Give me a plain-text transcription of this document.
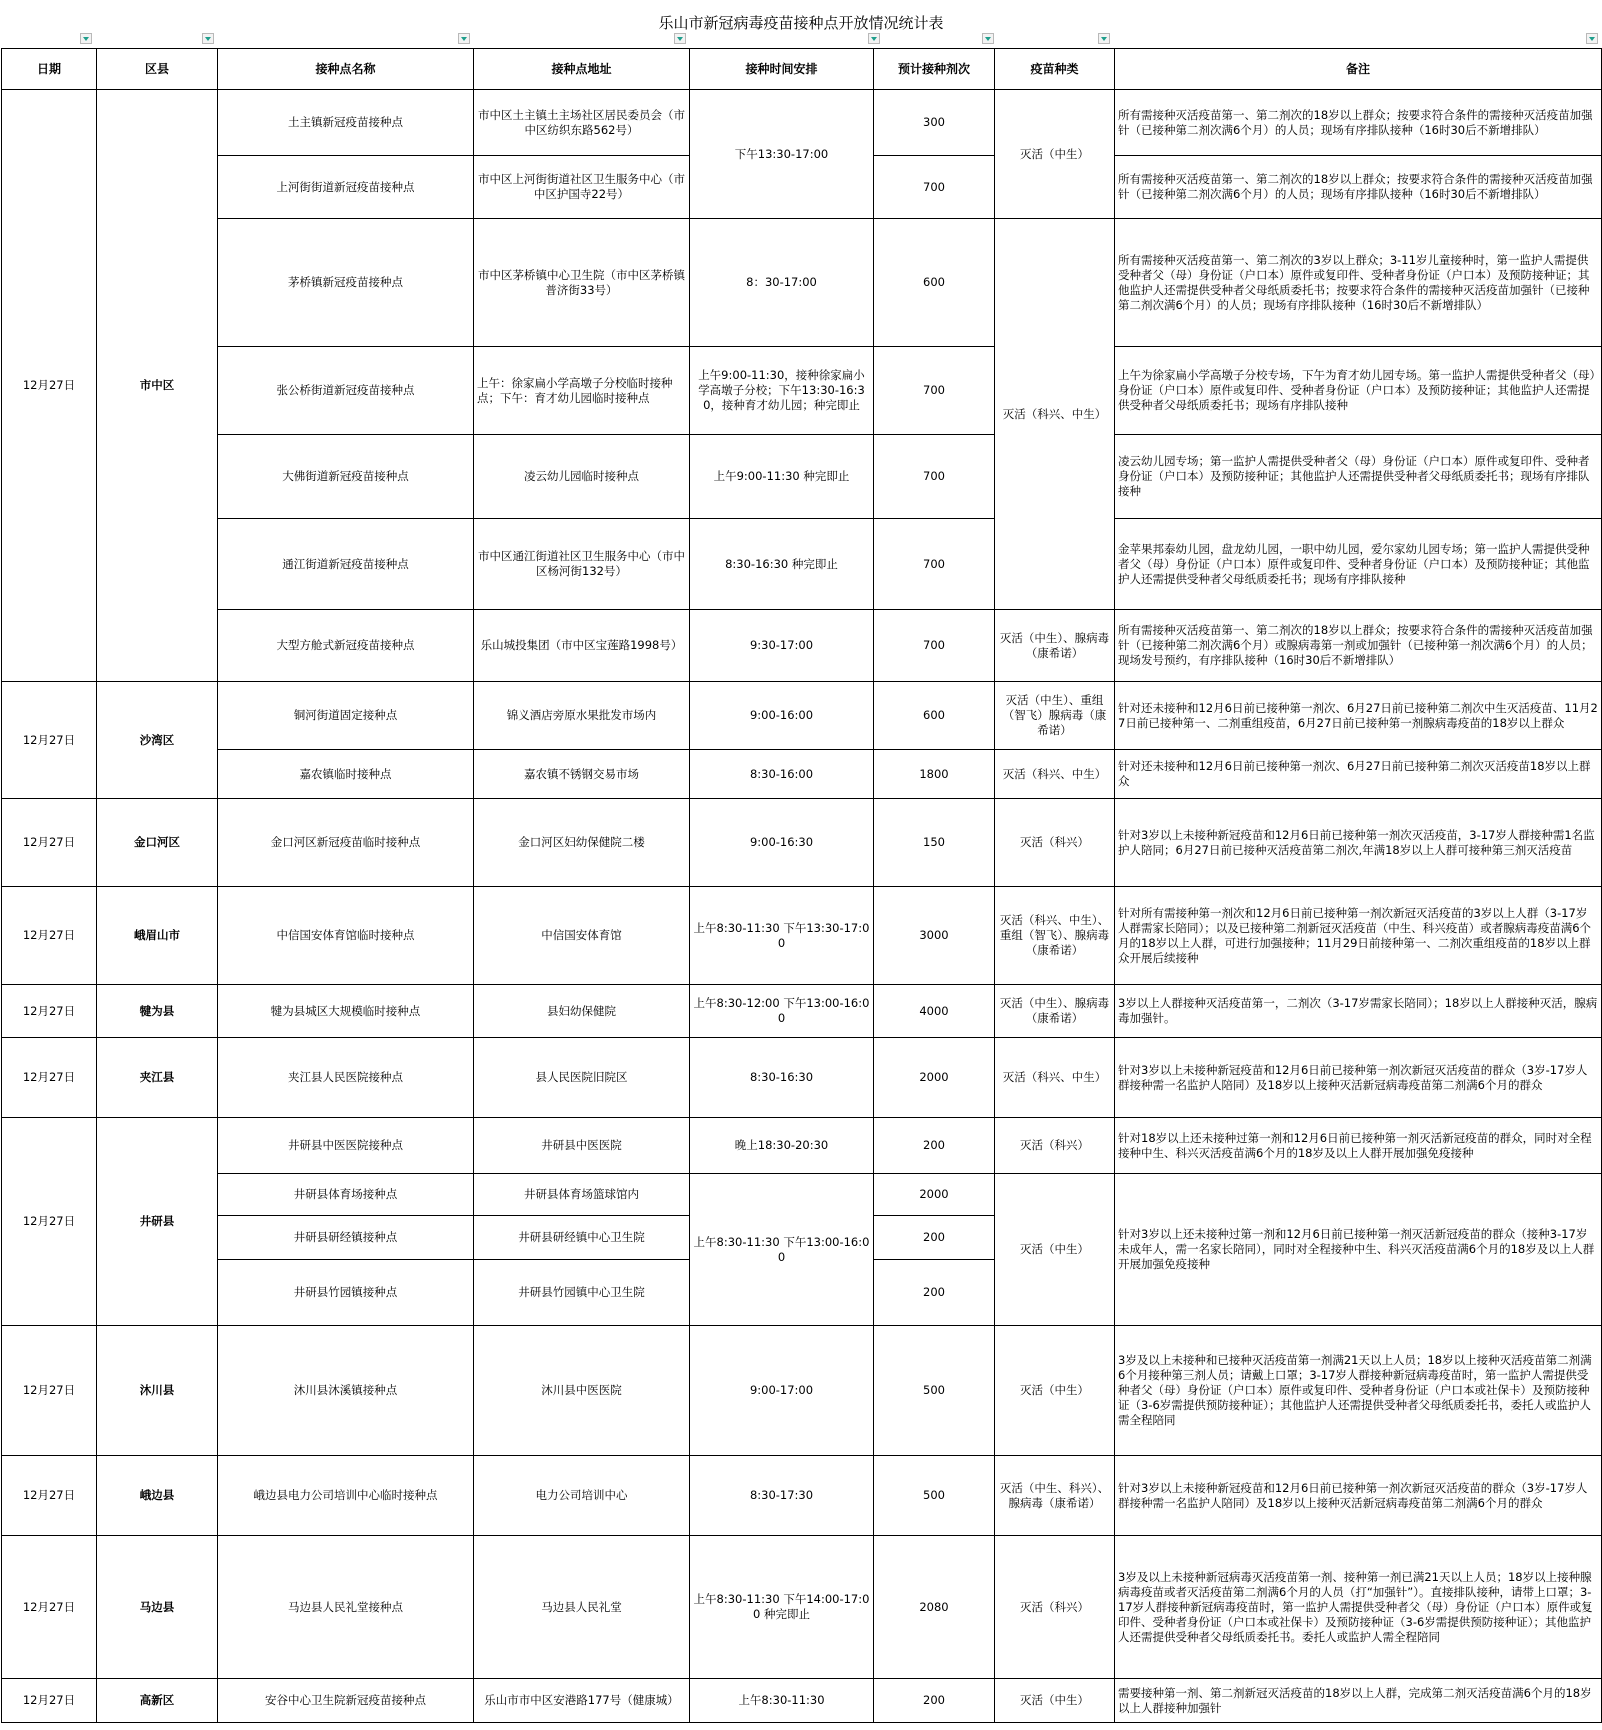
乐山市新冠病毒疫苗接种点开放情况统计表
日期	区县	接种点名称	接种点地址	接种时间安排	预计接种剂次	疫苗种类	备注
12月27日	市中区	土主镇新冠疫苗接种点	市中区土主镇土主场社区居民委员会（市中区纺织东路562号）	下午13:30-17:00	300	灭活（中生）	所有需接种灭活疫苗第一、第二剂次的18岁以上群众；按要求符合条件的需接种灭活疫苗加强针（已接种第二剂次满6个月）的人员；现场有序排队接种（16时30后不新增排队）
		上河街街道新冠疫苗接种点	市中区上河街街道社区卫生服务中心（市中区护国寺22号）		700		所有需接种灭活疫苗第一、第二剂次的18岁以上群众；按要求符合条件的需接种灭活疫苗加强针（已接种第二剂次满6个月）的人员；现场有序排队接种（16时30后不新增排队）
		茅桥镇新冠疫苗接种点	市中区茅桥镇中心卫生院（市中区茅桥镇普济街33号）	8：30-17:00	600	灭活（科兴、中生）	所有需接种灭活疫苗第一、第二剂次的3岁以上群众；3-11岁儿童接种时，第一监护人需提供受种者父（母）身份证（户口本）原件或复印件、受种者身份证（户口本）及预防接种证；其他监护人还需提供受种者父母纸质委托书；按要求符合条件的需接种灭活疫苗加强针（已接种第二剂次满6个月）的人员；现场有序排队接种（16时30后不新增排队）
		张公桥街道新冠疫苗接种点	上午：徐家扁小学高墩子分校临时接种点；下午：育才幼儿园临时接种点	上午9:00-11:30，接种徐家扁小学高墩子分校；下午13:30-16:30，接种育才幼儿园；种完即止	700		上午为徐家扁小学高墩子分校专场，下午为育才幼儿园专场。第一监护人需提供受种者父（母）身份证（户口本）原件或复印件、受种者身份证（户口本）及预防接种证；其他监护人还需提供受种者父母纸质委托书；现场有序排队接种
		大佛街道新冠疫苗接种点	凌云幼儿园临时接种点	上午9:00-11:30 种完即止	700		凌云幼儿园专场；第一监护人需提供受种者父（母）身份证（户口本）原件或复印件、受种者身份证（户口本）及预防接种证；其他监护人还需提供受种者父母纸质委托书；现场有序排队接种
		通江街道新冠疫苗接种点	市中区通江街道社区卫生服务中心（市中区杨河街132号）	8:30-16:30 种完即止	700		金苹果邦泰幼儿园，盘龙幼儿园，一职中幼儿园，爱尔家幼儿园专场；第一监护人需提供受种者父（母）身份证（户口本）原件或复印件、受种者身份证（户口本）及预防接种证；其他监护人还需提供受种者父母纸质委托书；现场有序排队接种
		大型方舱式新冠疫苗接种点	乐山城投集团（市中区宝莲路1998号）	9:30-17:00	700	灭活（中生）、腺病毒（康希诺）	所有需接种灭活疫苗第一、第二剂次的18岁以上群众；按要求符合条件的需接种灭活疫苗加强针（已接种第二剂次满6个月）或腺病毒第一剂或加强针（已接种第一剂次满6个月）的人员；现场发号预约，有序排队接种（16时30后不新增排队）
12月27日	沙湾区	铜河街道固定接种点	锦义酒店旁原水果批发市场内	9:00-16:00	600	灭活（中生）、重组（智飞）腺病毒（康希诺）	针对还未接种和12月6日前已接种第一剂次、6月27日前已接种第二剂次中生灭活疫苗、11月27日前已接种第一、二剂重组疫苗，6月27日前已接种第一剂腺病毒疫苗的18岁以上群众
		嘉农镇临时接种点	嘉农镇不锈钢交易市场	8:30-16:00	1800	灭活（科兴、中生）	针对还未接种和12月6日前已接种第一剂次、6月27日前已接种第二剂次灭活疫苗18岁以上群众
12月27日	金口河区	金口河区新冠疫苗临时接种点	金口河区妇幼保健院二楼	9:00-16:30	150	灭活（科兴）	针对3岁以上未接种新冠疫苗和12月6日前已接种第一剂次灭活疫苗，3-17岁人群接种需1名监护人陪同；6月27日前已接种灭活疫苗第二剂次,年满18岁以上人群可接种第三剂灭活疫苗
12月27日	峨眉山市	中信国安体育馆临时接种点	中信国安体育馆	上午8:30-11:30 下午13:30-17:00	3000	灭活（科兴、中生）、重组（智飞）、腺病毒（康希诺）	针对所有需接种第一剂次和12月6日前已接种第一剂次新冠灭活疫苗的3岁以上人群（3-17岁人群需家长陪同）；以及已接种第二剂新冠灭活疫苗（中生、科兴疫苗）或者腺病毒疫苗满6个月的18岁以上人群，可进行加强接种；11月29日前接种第一、二剂次重组疫苗的18岁以上群众开展后续接种
12月27日	犍为县	犍为县城区大规模临时接种点	县妇幼保健院	上午8:30-12:00 下午13:00-16:00	4000	灭活（中生）、腺病毒（康希诺）	3岁以上人群接种灭活疫苗第一，二剂次（3-17岁需家长陪同）；18岁以上人群接种灭活，腺病毒加强针。
12月27日	夹江县	夹江县人民医院接种点	县人民医院旧院区	8:30-16:30	2000	灭活（科兴、中生）	针对3岁以上未接种新冠疫苗和12月6日前已接种第一剂次新冠灭活疫苗的群众（3岁-17岁人群接种需一名监护人陪同）及18岁以上接种灭活新冠病毒疫苗第二剂满6个月的群众
12月27日	井研县	井研县中医医院接种点	井研县中医医院	晚上18:30-20:30	200	灭活（科兴）	针对18岁以上还未接种过第一剂和12月6日前已接种第一剂灭活新冠疫苗的群众，同时对全程接种中生、科兴灭活疫苗满6个月的18岁及以上人群开展加强免疫接种
		井研县体育场接种点	井研县体育场篮球馆内	上午8:30-11:30 下午13:00-16:00	2000	灭活（中生）	针对3岁以上还未接种过第一剂和12月6日前已接种第一剂灭活新冠疫苗的群众（接种3-17岁未成年人，需一名家长陪同），同时对全程接种中生、科兴灭活疫苗满6个月的18岁及以上人群开展加强免疫接种
		井研县研经镇接种点	井研县研经镇中心卫生院		200		
		井研县竹园镇接种点	井研县竹园镇中心卫生院		200		
12月27日	沐川县	沐川县沐溪镇接种点	沐川县中医医院	9:00-17:00	500	灭活（中生）	3岁及以上未接种和已接种灭活疫苗第一剂满21天以上人员；18岁以上接种灭活疫苗第二剂满6个月接种第三剂人员；请戴上口罩；3-17岁人群接种新冠病毒疫苗时，第一监护人需提供受种者父（母）身份证（户口本）原件或复印件、受种者身份证（户口本或社保卡）及预防接种证（3-6岁需提供预防接种证）；其他监护人还需提供受种者父母纸质委托书，委托人或监护人需全程陪同
12月27日	峨边县	峨边县电力公司培训中心临时接种点	电力公司培训中心	8:30-17:30	500	灭活（中生、科兴）、腺病毒（康希诺）	针对3岁以上未接种新冠疫苗和12月6日前已接种第一剂次新冠灭活疫苗的群众（3岁-17岁人群接种需一名监护人陪同）及18岁以上接种灭活新冠病毒疫苗第二剂满6个月的群众
12月27日	马边县	马边县人民礼堂接种点	马边县人民礼堂	上午8:30-11:30 下午14:00-17:00 种完即止	2080	灭活（科兴）	3岁及以上未接种新冠病毒灭活疫苗第一剂、接种第一剂已满21天以上人员；18岁以上接种腺病毒疫苗或者灭活疫苗第二剂满6个月的人员（打“加强针”）。直接排队接种，请带上口罩；3-17岁人群接种新冠病毒疫苗时，第一监护人需提供受种者父（母）身份证（户口本）原件或复印件、受种者身份证（户口本或社保卡）及预防接种证（3-6岁需提供预防接种证）；其他监护人还需提供受种者父母纸质委托书。委托人或监护人需全程陪同
12月27日	高新区	安谷中心卫生院新冠疫苗接种点	乐山市市中区安港路177号（健康城）	上午8:30-11:30	200	灭活（中生）	需要接种第一剂、第二剂新冠灭活疫苗的18岁以上人群，完成第二剂灭活疫苗满6个月的18岁以上人群接种加强针
